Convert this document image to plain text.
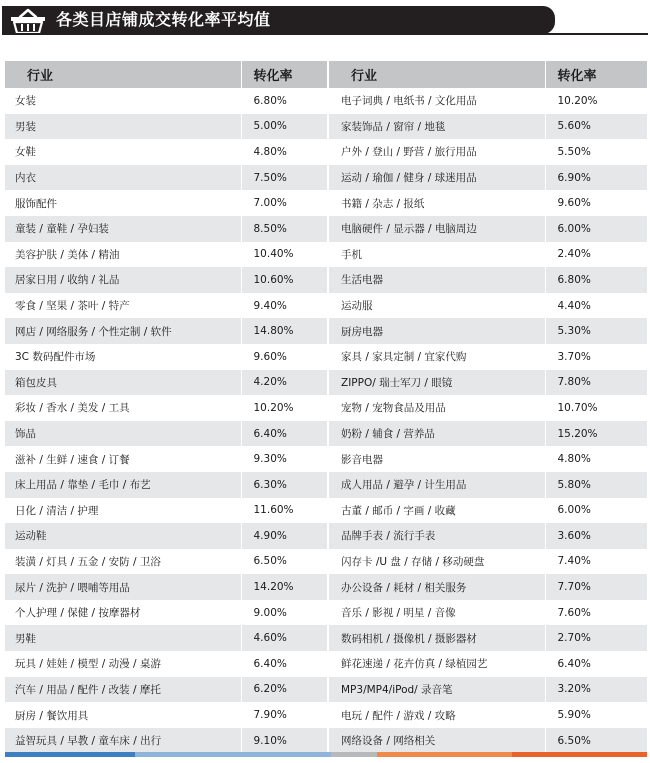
各类目店铺成交转化率平均值
行业	转化率	行业	转化率
女装	6.80%	电子词典 / 电纸书 / 文化用品	10.20%
男装	5.00%	家装饰品 / 窗帘 / 地毯	5.60%
女鞋	4.80%	户外 / 登山 / 野营 / 旅行用品	5.50%
内衣	7.50%	运动 / 瑜伽 / 健身 / 球迷用品	6.90%
服饰配件	7.00%	书籍 / 杂志 / 报纸	9.60%
童装 / 童鞋 / 孕妇装	8.50%	电脑硬件 / 显示器 / 电脑周边	6.00%
美容护肤 / 美体 / 精油	10.40%	手机	2.40%
居家日用 / 收纳 / 礼品	10.60%	生活电器	6.80%
零食 / 坚果 / 茶叶 / 特产	9.40%	运动服	4.40%
网店 / 网络服务 / 个性定制 / 软件	14.80%	厨房电器	5.30%
3C 数码配件市场	9.60%	家具 / 家具定制 / 宜家代购	3.70%
箱包皮具	4.20%	ZIPPO/ 瑞士军刀 / 眼镜	7.80%
彩妆 / 香水 / 美发 / 工具	10.20%	宠物 / 宠物食品及用品	10.70%
饰品	6.40%	奶粉 / 辅食 / 营养品	15.20%
滋补 / 生鲜 / 速食 / 订餐	9.30%	影音电器	4.80%
床上用品 / 靠垫 / 毛巾 / 布艺	6.30%	成人用品 / 避孕 / 计生用品	5.80%
日化 / 清洁 / 护理	11.60%	古董 / 邮币 / 字画 / 收藏	6.00%
运动鞋	4.90%	品牌手表 / 流行手表	3.60%
装潢 / 灯具 / 五金 / 安防 / 卫浴	6.50%	闪存卡 /U 盘 / 存储 / 移动硬盘	7.40%
尿片 / 洗护 / 喂哺等用品	14.20%	办公设备 / 耗材 / 相关服务	7.70%
个人护理 / 保健 / 按摩器材	9.00%	音乐 / 影视 / 明星 / 音像	7.60%
男鞋	4.60%	数码相机 / 摄像机 / 摄影器材	2.70%
玩具 / 娃娃 / 模型 / 动漫 / 桌游	6.40%	鲜花速递 / 花卉仿真 / 绿植园艺	6.40%
汽车 / 用品 / 配件 / 改装 / 摩托	6.20%	MP3/MP4/iPod/ 录音笔	3.20%
厨房 / 餐饮用具	7.90%	电玩 / 配件 / 游戏 / 攻略	5.90%
益智玩具 / 早教 / 童车床 / 出行	9.10%	网络设备 / 网络相关	6.50%
